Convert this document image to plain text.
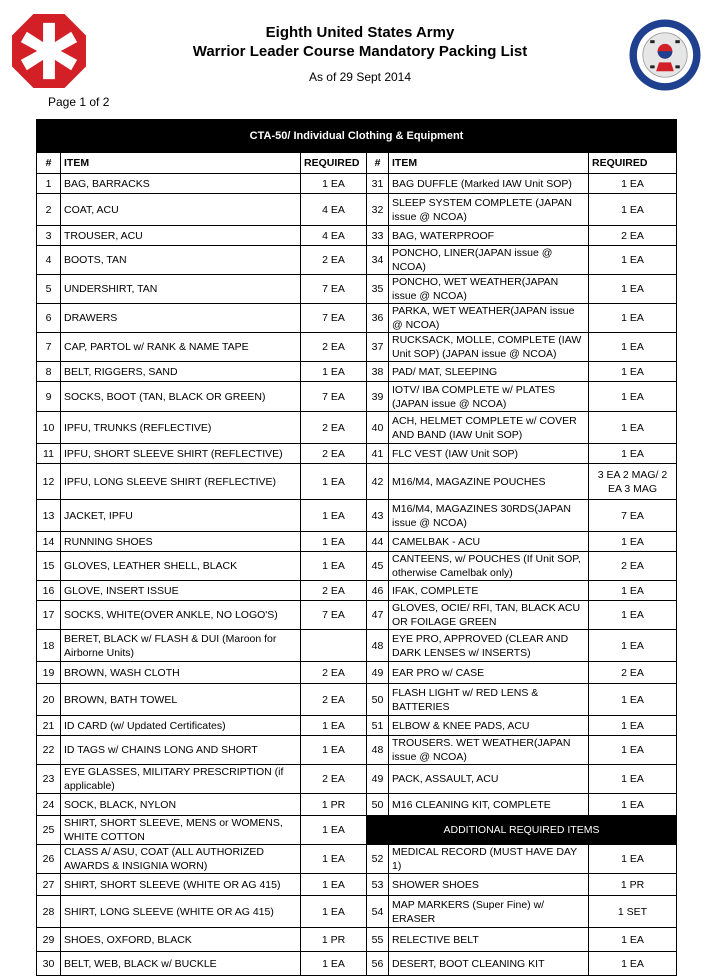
Eighth United States Army
Warrior Leader Course Mandatory Packing List
As of 29 Sept 2014
Page 1 of 2
CTA-50/ Individual Clothing & Equipment					
#	ITEM	REQUIRED	#	ITEM	REQUIRED
1	BAG, BARRACKS	1 EA	31	BAG DUFFLE (Marked IAW Unit SOP)	1 EA
2	COAT, ACU	4 EA	32	SLEEP SYSTEM COMPLETE (JAPAN issue @ NCOA)	1 EA
3	TROUSER, ACU	4 EA	33	BAG, WATERPROOF	2 EA
4	BOOTS, TAN	2 EA	34	PONCHO, LINER(JAPAN issue @ NCOA)	1 EA
5	UNDERSHIRT, TAN	7 EA	35	PONCHO, WET WEATHER(JAPAN issue @ NCOA)	1 EA
6	DRAWERS	7 EA	36	PARKA, WET WEATHER(JAPAN issue @ NCOA)	1 EA
7	CAP, PARTOL w/ RANK & NAME TAPE	2 EA	37	RUCKSACK, MOLLE, COMPLETE (IAW Unit SOP) (JAPAN issue @ NCOA)	1 EA
8	BELT, RIGGERS, SAND	1 EA	38	PAD/ MAT, SLEEPING	1 EA
9	SOCKS, BOOT (TAN, BLACK OR GREEN)	7 EA	39	IOTV/ IBA COMPLETE w/ PLATES (JAPAN issue @ NCOA)	1 EA
10	IPFU, TRUNKS (REFLECTIVE)	2 EA	40	ACH, HELMET COMPLETE w/ COVER AND BAND (IAW Unit SOP)	1 EA
11	IPFU, SHORT SLEEVE SHIRT (REFLECTIVE)	2 EA	41	FLC VEST (IAW Unit SOP)	1 EA
12	IPFU, LONG SLEEVE SHIRT (REFLECTIVE)	1 EA	42	M16/M4, MAGAZINE POUCHES	3 EA 2 MAG/ 2 EA 3 MAG
13	JACKET, IPFU	1 EA	43	M16/M4, MAGAZINES 30RDS(JAPAN issue @ NCOA)	7 EA
14	RUNNING SHOES	1 EA	44	CAMELBAK - ACU	1 EA
15	GLOVES, LEATHER SHELL, BLACK	1 EA	45	CANTEENS, w/ POUCHES (If Unit SOP, otherwise Camelbak only)	2 EA
16	GLOVE, INSERT ISSUE	2 EA	46	IFAK, COMPLETE	1 EA
17	SOCKS, WHITE(OVER ANKLE, NO LOGO'S)	7 EA	47	GLOVES, OCIE/ RFI, TAN, BLACK ACU OR FOILAGE GREEN	1 EA
18	BERET, BLACK w/ FLASH & DUI (Maroon for Airborne Units)		48	EYE PRO, APPROVED (CLEAR AND DARK LENSES w/ INSERTS)	1 EA
19	BROWN, WASH CLOTH	2 EA	49	EAR PRO w/ CASE	2 EA
20	BROWN, BATH TOWEL	2 EA	50	FLASH LIGHT w/ RED LENS & BATTERIES	1 EA
21	ID CARD (w/ Updated Certificates)	1 EA	51	ELBOW & KNEE PADS, ACU	1 EA
22	ID TAGS w/ CHAINS LONG AND SHORT	1 EA	48	TROUSERS. WET WEATHER(JAPAN issue @ NCOA)	1 EA
23	EYE GLASSES, MILITARY PRESCRIPTION (if applicable)	2 EA	49	PACK, ASSAULT, ACU	1 EA
24	SOCK, BLACK, NYLON	1 PR	50	M16 CLEANING KIT, COMPLETE	1 EA
25	SHIRT, SHORT SLEEVE, MENS or WOMENS, WHITE COTTON	1 EA	ADDITIONAL REQUIRED ITEMS		
26	CLASS A/ ASU, COAT (ALL AUTHORIZED AWARDS & INSIGNIA WORN)	1 EA	52	MEDICAL RECORD (MUST HAVE DAY 1)	1 EA
27	SHIRT, SHORT SLEEVE (WHITE OR AG 415)	1 EA	53	SHOWER SHOES	1 PR
28	SHIRT, LONG SLEEVE (WHITE OR AG 415)	1 EA	54	MAP MARKERS (Super Fine) w/ ERASER	1 SET
29	SHOES, OXFORD, BLACK	1 PR	55	RELECTIVE BELT	1 EA
30	BELT, WEB, BLACK w/ BUCKLE	1 EA	56	DESERT, BOOT CLEANING KIT	1 EA
